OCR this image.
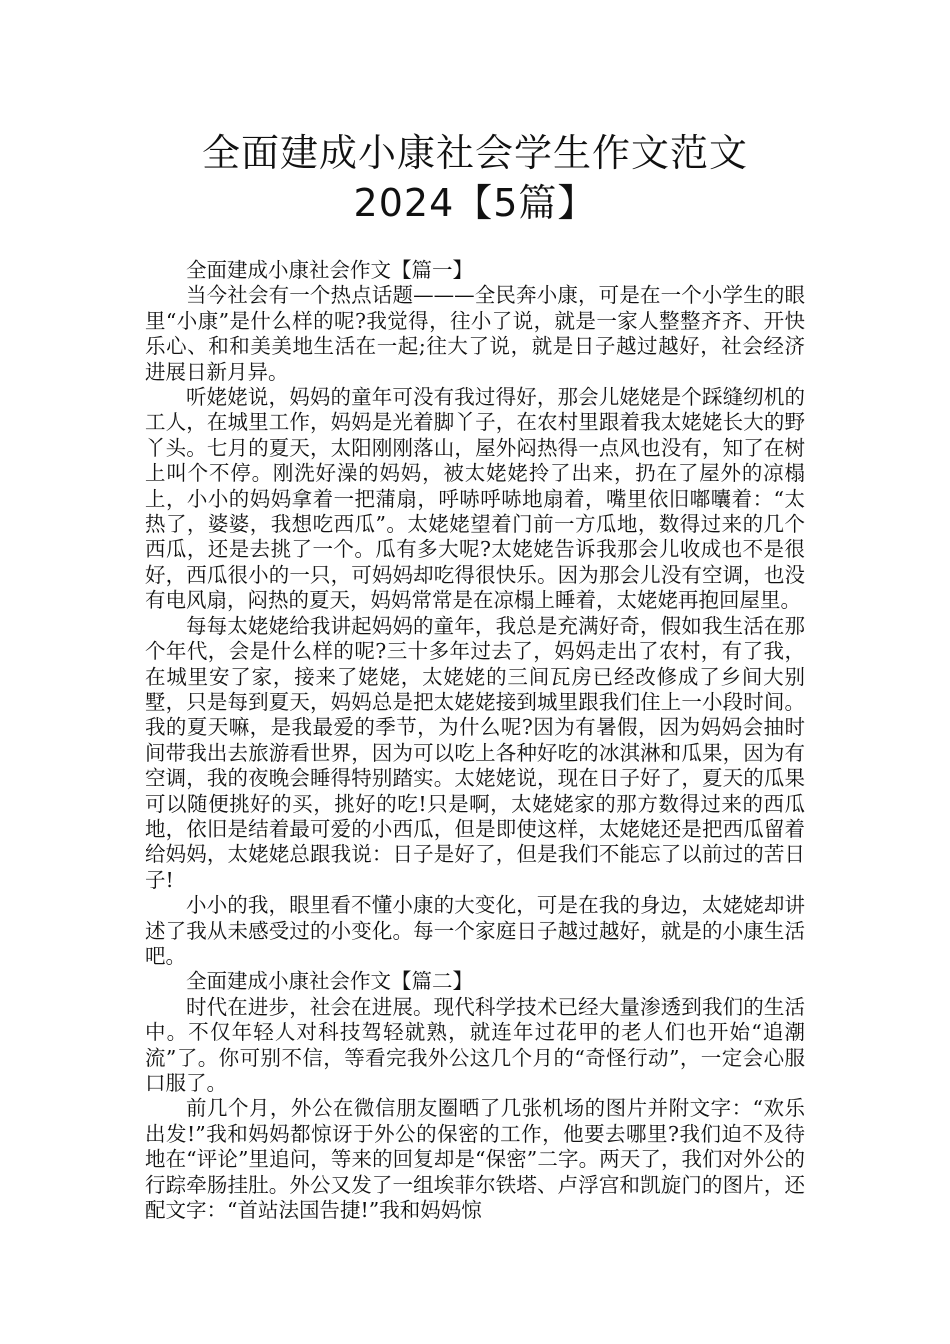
全面建成小康社会学生作文范文
2024【5篇】

全面建成小康社会作文【篇一】

当今社会有一个热点话题———全民奔小康，可是在一个小学生的眼里“小康”是什么样的呢?我觉得，往小了说，就是一家人整整齐齐、开快乐心、和和美美地生活在一起;往大了说，就是日子越过越好，社会经济进展日新月异。

听姥姥说，妈妈的童年可没有我过得好，那会儿姥姥是个踩缝纫机的工人，在城里工作，妈妈是光着脚丫子，在农村里跟着我太姥姥长大的野丫头。七月的夏天，太阳刚刚落山，屋外闷热得一点风也没有，知了在树上叫个不停。刚洗好澡的妈妈，被太姥姥拎了出来，扔在了屋外的凉榻上，小小的妈妈拿着一把蒲扇，呼哧呼哧地扇着，嘴里依旧嘟囔着：“太热了，婆婆，我想吃西瓜”。太姥姥望着门前一方瓜地，数得过来的几个西瓜，还是去挑了一个。瓜有多大呢?太姥姥告诉我那会儿收成也不是很好，西瓜很小的一只，可妈妈却吃得很快乐。因为那会儿没有空调，也没有电风扇，闷热的夏天，妈妈常常是在凉榻上睡着，太姥姥再抱回屋里。

每每太姥姥给我讲起妈妈的童年，我总是充满好奇，假如我生活在那个年代，会是什么样的呢?三十多年过去了，妈妈走出了农村，有了我，在城里安了家，接来了姥姥，太姥姥的三间瓦房已经改修成了乡间大别墅，只是每到夏天，妈妈总是把太姥姥接到城里跟我们住上一小段时间。我的夏天嘛，是我最爱的季节，为什么呢?因为有暑假，因为妈妈会抽时间带我出去旅游看世界，因为可以吃上各种好吃的冰淇淋和瓜果，因为有空调，我的夜晚会睡得特别踏实。太姥姥说，现在日子好了，夏天的瓜果可以随便挑好的买，挑好的吃!只是啊，太姥姥家的那方数得过来的西瓜地，依旧是结着最可爱的小西瓜，但是即使这样，太姥姥还是把西瓜留着给妈妈，太姥姥总跟我说：日子是好了，但是我们不能忘了以前过的苦日子!

小小的我，眼里看不懂小康的大变化，可是在我的身边，太姥姥却讲述了我从未感受过的小变化。每一个家庭日子越过越好，就是的小康生活吧。

全面建成小康社会作文【篇二】

时代在进步，社会在进展。现代科学技术已经大量渗透到我们的生活中。不仅年轻人对科技驾轻就熟，就连年过花甲的老人们也开始“追潮流”了。你可别不信，等看完我外公这几个月的“奇怪行动”，一定会心服口服了。

前几个月，外公在微信朋友圈晒了几张机场的图片并附文字：“欢乐出发!”我和妈妈都惊讶于外公的保密的工作，他要去哪里?我们迫不及待地在“评论”里追问，等来的回复却是“保密”二字。两天了，我们对外公的行踪牵肠挂肚。外公又发了一组埃菲尔铁塔、卢浮宫和凯旋门的图片，还配文字：“首站法国告捷!”我和妈妈惊
